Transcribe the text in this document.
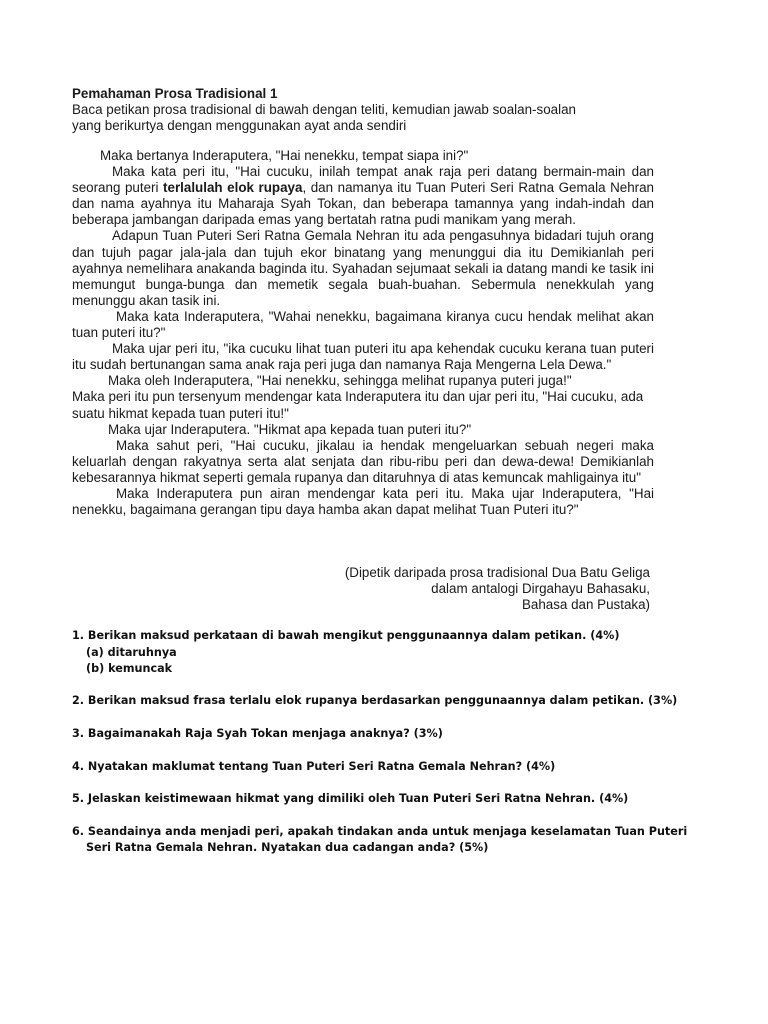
Pemahaman Prosa Tradisional 1
Baca petikan prosa tradisional di bawah dengan teliti, kemudian jawab soalan-soalan
yang berikurtya dengan menggunakan ayat anda sendiri

Maka bertanya Inderaputera, "Hai nenekku, tempat siapa ini?"

Maka kata peri itu, "Hai cucuku, inilah tempat anak raja peri datang bermain-main dan seorang puteri terlalulah elok rupaya, dan namanya itu Tuan Puteri Seri Ratna Gemala Nehran dan nama ayahnya itu Maharaja Syah Tokan, dan beberapa tamannya yang indah-indah dan beberapa jambangan daripada emas yang bertatah ratna pudi manikam yang merah.

Adapun Tuan Puteri Seri Ratna Gemala Nehran itu ada pengasuhnya bidadari tujuh orang dan tujuh pagar jala-jala dan tujuh ekor binatang yang menunggui dia itu Demikianlah peri ayahnya nemelihara anakanda baginda itu. Syahadan sejumaat sekali ia datang mandi ke tasik ini memungut bunga-bunga dan memetik segala buah-buahan. Sebermula nenekkulah yang menunggu akan tasik ini.

Maka kata Inderaputera, "Wahai nenekku, bagaimana kiranya cucu hendak melihat akan tuan puteri itu?"

Maka ujar peri itu, "ika cucuku lihat tuan puteri itu apa kehendak cucuku kerana tuan puteri itu sudah bertunangan sama anak raja peri juga dan namanya Raja Mengerna Lela Dewa."

Maka oleh Inderaputera, "Hai nenekku, sehingga melihat rupanya puteri juga!"

Maka peri itu pun tersenyum mendengar kata Inderaputera itu dan ujar peri itu, "Hai cucuku, ada suatu hikmat kepada tuan puteri itu!"

Maka ujar Inderaputera. "Hikmat apa kepada tuan puteri itu?"

Maka sahut peri, "Hai cucuku, jikalau ia hendak mengeluarkan sebuah negeri maka keluarlah dengan rakyatnya serta alat senjata dan ribu-ribu peri dan dewa-dewa! Demikianlah kebesarannya hikmat seperti gemala rupanya dan ditaruhnya di atas kemuncak mahligainya itu"

Maka Inderaputera pun airan mendengar kata peri itu. Maka ujar Inderaputera, "Hai nenekku, bagaimana gerangan tipu daya hamba akan dapat melihat Tuan Puteri itu?"

(Dipetik daripada prosa tradisional Dua Batu Geliga
dalam antalogi Dirgahayu Bahasaku,
Bahasa dan Pustaka)
1. Berikan maksud perkataan di bawah mengikut penggunaannya dalam petikan. (4%)
(a) ditaruhnya
(b) kemuncak
2. Berikan maksud frasa terlalu elok rupanya berdasarkan penggunaannya dalam petikan. (3%)
3. Bagaimanakah Raja Syah Tokan menjaga anaknya? (3%)
4. Nyatakan maklumat tentang Tuan Puteri Seri Ratna Gemala Nehran? (4%)
5. Jelaskan keistimewaan hikmat yang dimiliki oleh Tuan Puteri Seri Ratna Nehran. (4%)
6. Seandainya anda menjadi peri, apakah tindakan anda untuk menjaga keselamatan Tuan Puteri
Seri Ratna Gemala Nehran. Nyatakan dua cadangan anda? (5%)
